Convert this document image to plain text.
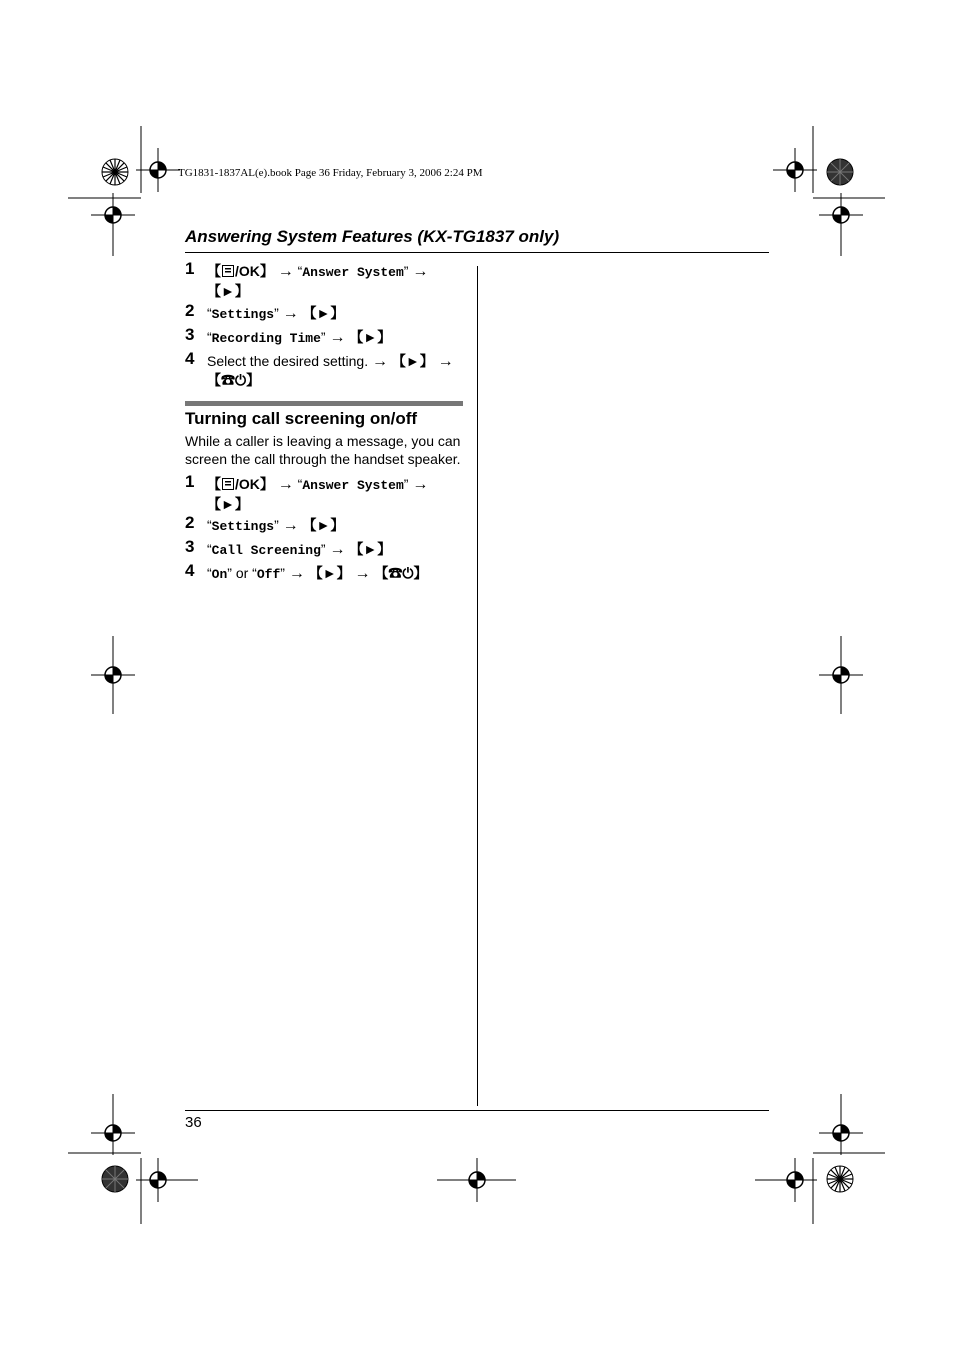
TG1831-1837AL(e).book Page 36 Friday, February 3, 2006 2:24 PM
Answering System Features (KX-TG1837 only)
1 【 /OK】 → “Answer System” →
【►】
2 “Settings” → 【►】
3 “Recording Time” → 【►】
4 Select the desired setting. → 【►】 →
【☎⏻】
Turning call screening on/off
While a caller is leaving a message, you can screen the call through the handset speaker.
1 【 /OK】 → “Answer System” →
【►】
2 “Settings” → 【►】
3 “Call Screening” → 【►】
4 “On” or “Off” → 【►】 → 【☎⏻】
36
